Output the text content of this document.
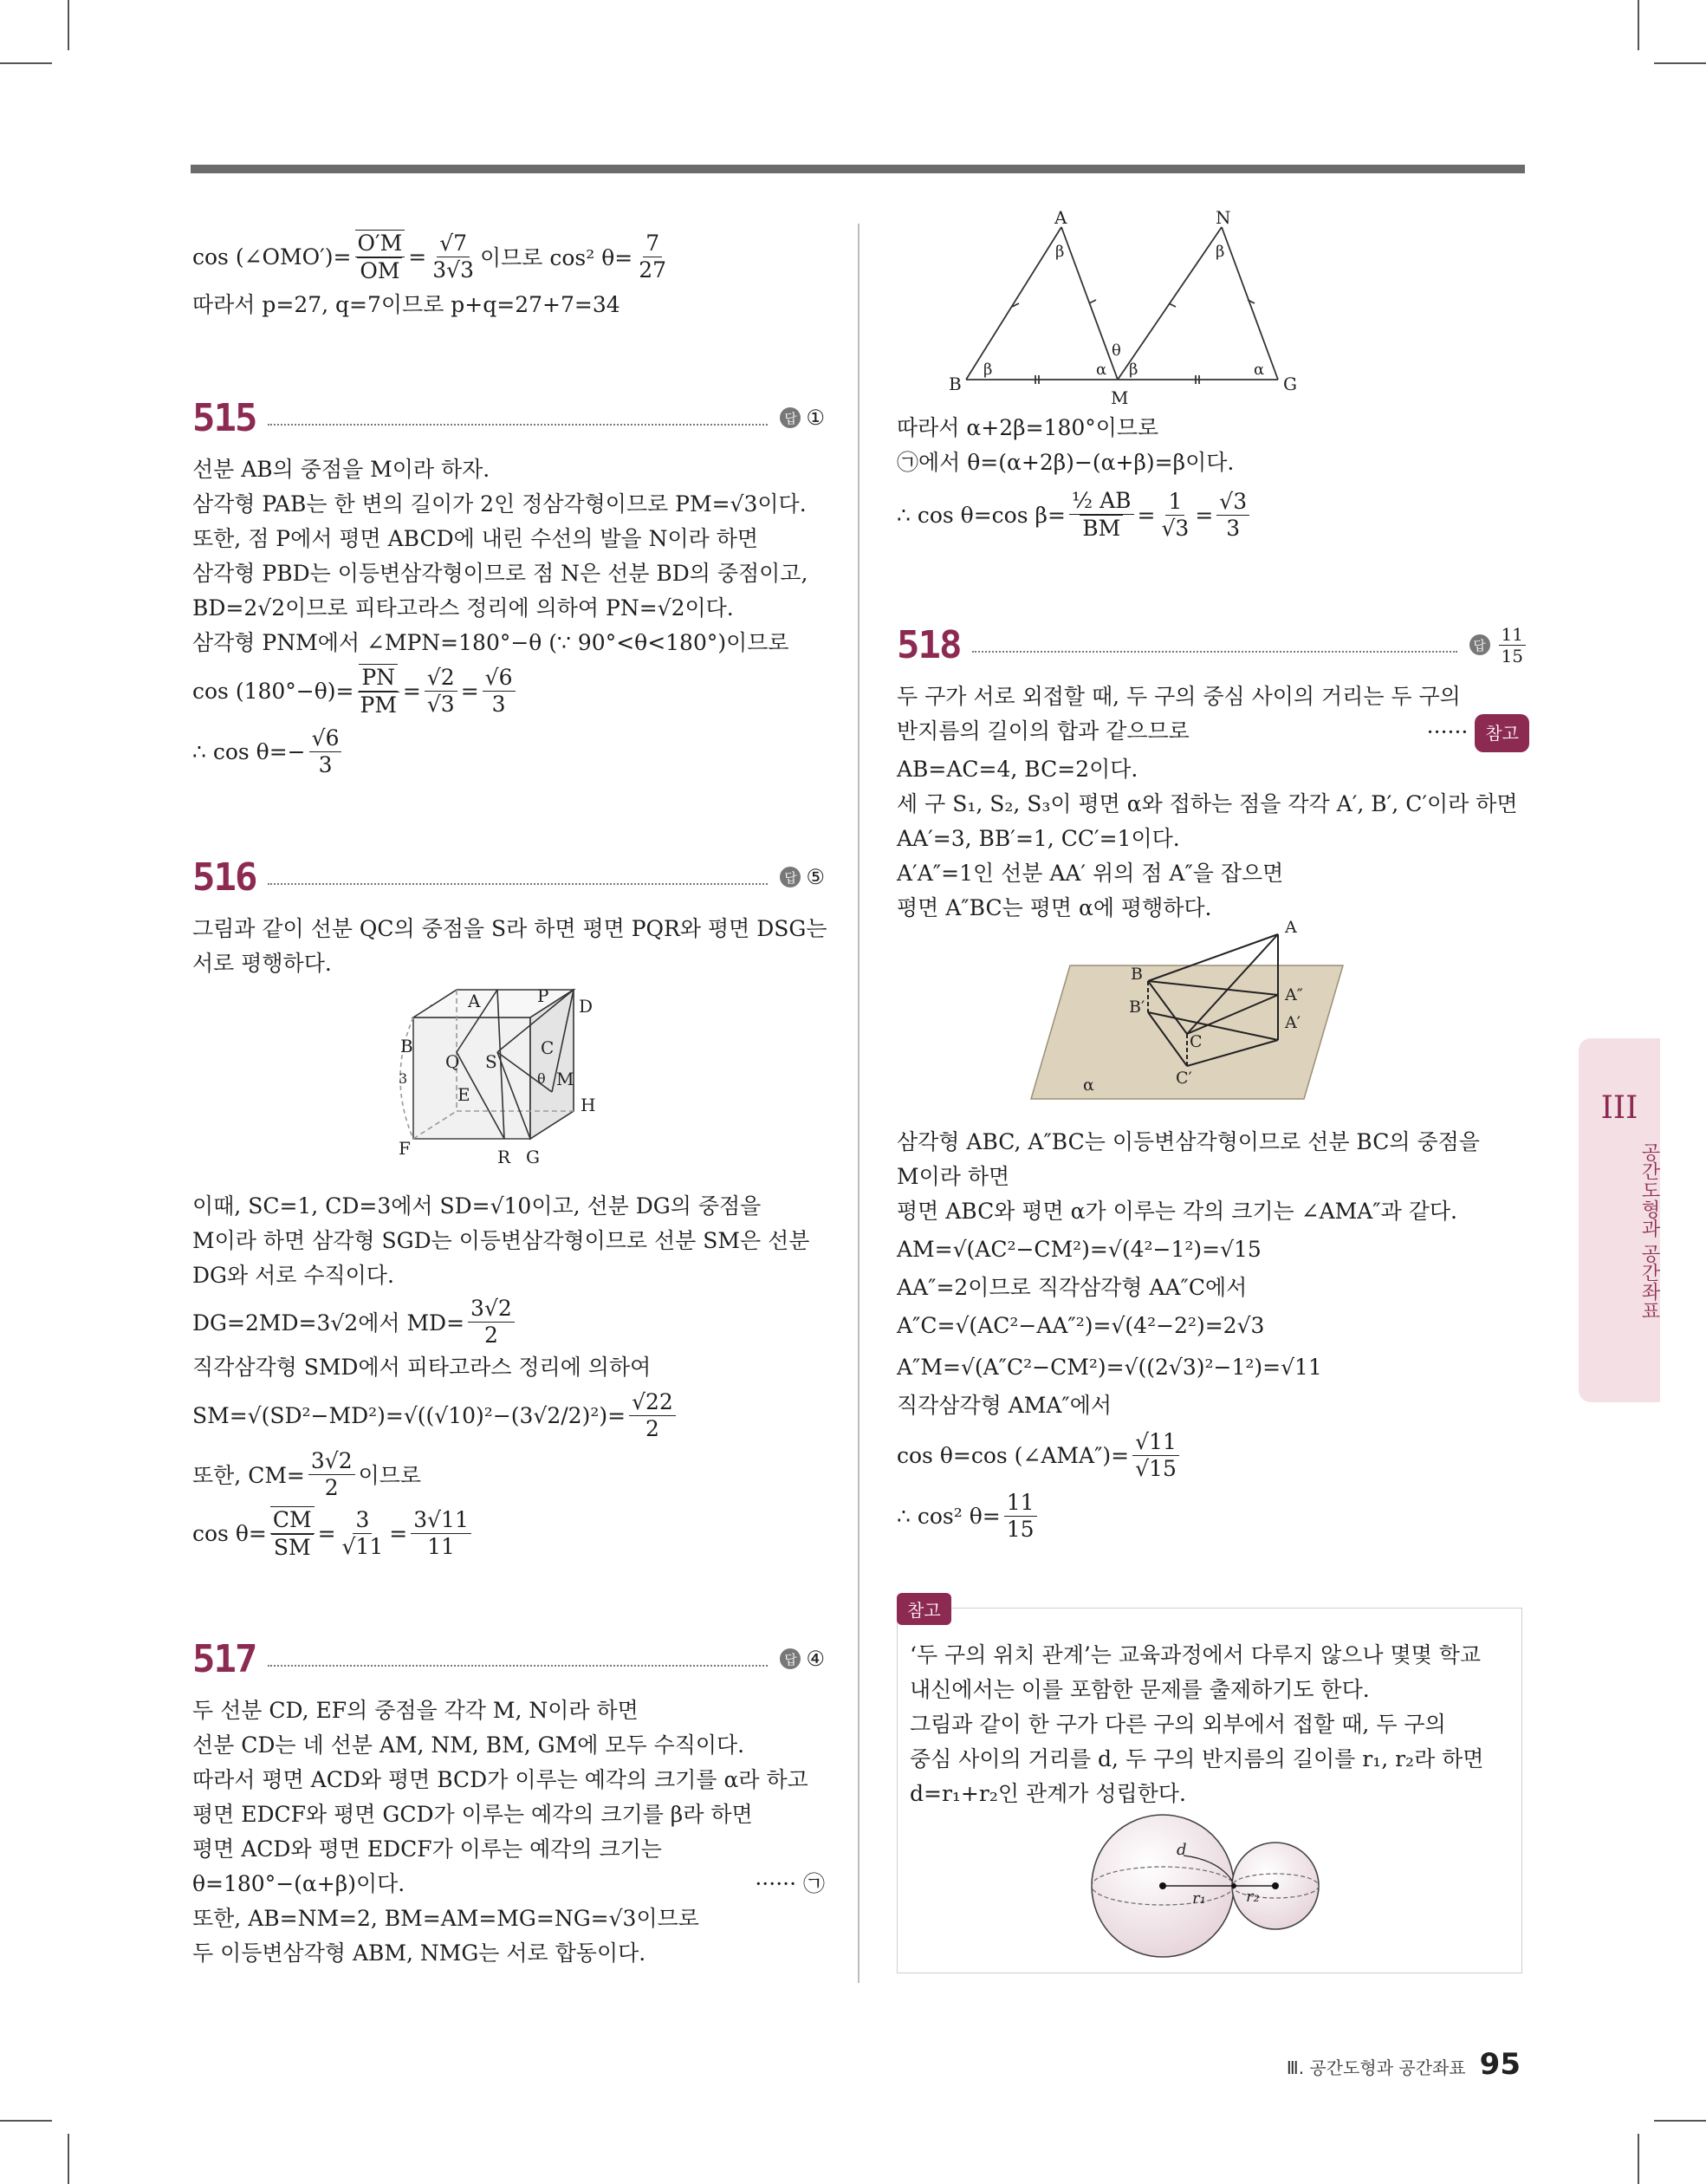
cos (∠OMO′)= $\frac{O'M}{OM} = \frac{√7}{3√3}$ 이므로 cos² $\theta= \frac{7}{27}$
따라서 p=27, q=7이므로 p+q=27+7=34
515	답 ①
선분 AB의 중점을 M이라 하자.
삼각형 PAB는 한 변의 길이가 2인 정삼각형이므로 PM=√3이다.
또한, 점 P에서 평면 ABCD에 내린 수선의 발을 N이라 하면
삼각형 PBD는 이등변삼각형이므로 점 N은 선분 BD의 중점이고,
BD=2√2이므로 피타고라스 정리에 의하여 PN=√2이다.
삼각형 PNM에서 ∠MPN=180°−θ (∵ 90°<θ<180°)이므로
$\cos (180^\circ-\theta)= \frac{PN}{PM}$ =
√2
√3
=
√6
3
∴ $\cos \theta=- \frac{√6}{3}$
516	답 ⑤
그림과 같이 선분 QC의 중점을 S라 하면 평면 PQR와 평면 DSG는
서로 평행하다.
A	P D
B
Q S
C
M
E	H
F	R G
3	θ
이때, SC=1, CD=3에서 SD=√10이고, 선분 DG의 중점을
M이라 하면 삼각형 SGD는 이등변삼각형이므로 선분 SM은 선분
DG와 서로 수직이다.
DG=2MD=3√2에서 $MD= \frac{3√2}{2}$
직각삼각형 SMD에서 피타고라스 정리에 의하여
$SM=√(SD^2-MD^2)=√((√10)^2-(3√2/2)^2)= \frac{√22}{2}$
또한, $CM= \frac{3√2}{2}$ 이므로
$\cos \theta= \frac{CM}{SM}$ =
3
√11
=
3√11
11
517	답 ④
두 선분 CD, EF의 중점을 각각 M, N이라 하면
선분 CD는 네 선분 AM, NM, BM, GM에 모두 수직이다.
따라서 평면 ACD와 평면 BCD가 이루는 예각의 크기를 α라 하고
평면 EDCF와 평면 GCD가 이루는 예각의 크기를 β라 하면
평면 ACD와 평면 EDCF가 이루는 예각의 크기는
θ=180°−(α+β)이다.	······ ㉠
또한, AB=NM=2, BM=AM=MG=NG=√3이므로
두 이등변삼각형 ABM, NMG는 서로 합동이다.
A	N
B
M
G
β	β
β	α
θ
β	α
따라서 α+2β=180°이므로
㉠에서 θ=(α+2β)−(α+β)=β이다.
∴ cos θ=cos $\beta= \frac{\text{½ AB}}{BM}$ =
1
√3
=
√3
3
518	답
11
15
두 구가 서로 외접할 때, 두 구의 중심 사이의 거리는 두 구의
반지름의 길이의 합과 같으므로	······ 참고
AB=AC=4, BC=2이다.
세 구 S₁, S₂, S₃이 평면 α와 접하는 점을 각각 A′, B′, C′이라 하면
AA′=3, BB′=1, CC′=1이다.
A′A″=1인 선분 AA′ 위의 점 A″을 잡으면
평면 A″BC는 평면 α에 평행하다.
A
B
B′
A″
A′
C
C′
α
삼각형 ABC, A″BC는 이등변삼각형이므로 선분 BC의 중점을
M이라 하면
평면 ABC와 평면 α가 이루는 각의 크기는 ∠AMA″과 같다.
AM=√(AC²−CM²)=√(4²−1²)=√15
AA″=2이므로 직각삼각형 AA″C에서
A″C=√(AC²−AA″²)=√(4²−2²)=2√3
A″M=√(A″C²−CM²)=√((2√3)²−1²)=√11
직각삼각형 AMA″에서
cos θ=cos (∠AMA″)= $\frac{√11}{√15}$
∴ cos² $\theta= \frac{11}{15}$
‘두 구의 위치 관계’는 교육과정에서 다루지 않으나 몇몇 학교
내신에서는 이를 포함한 문제를 출제하기도 한다.
그림과 같이 한 구가 다른 구의 외부에서 접할 때, 두 구의
중심 사이의 거리를 d, 두 구의 반지름의 길이를 r₁, r₂라 하면
d=r₁+r₂인 관계가 성립한다.
d
r₁	r₂
참고
III
공간도형과 공간좌표
Ⅲ. 공간도형과 공간좌표 95
